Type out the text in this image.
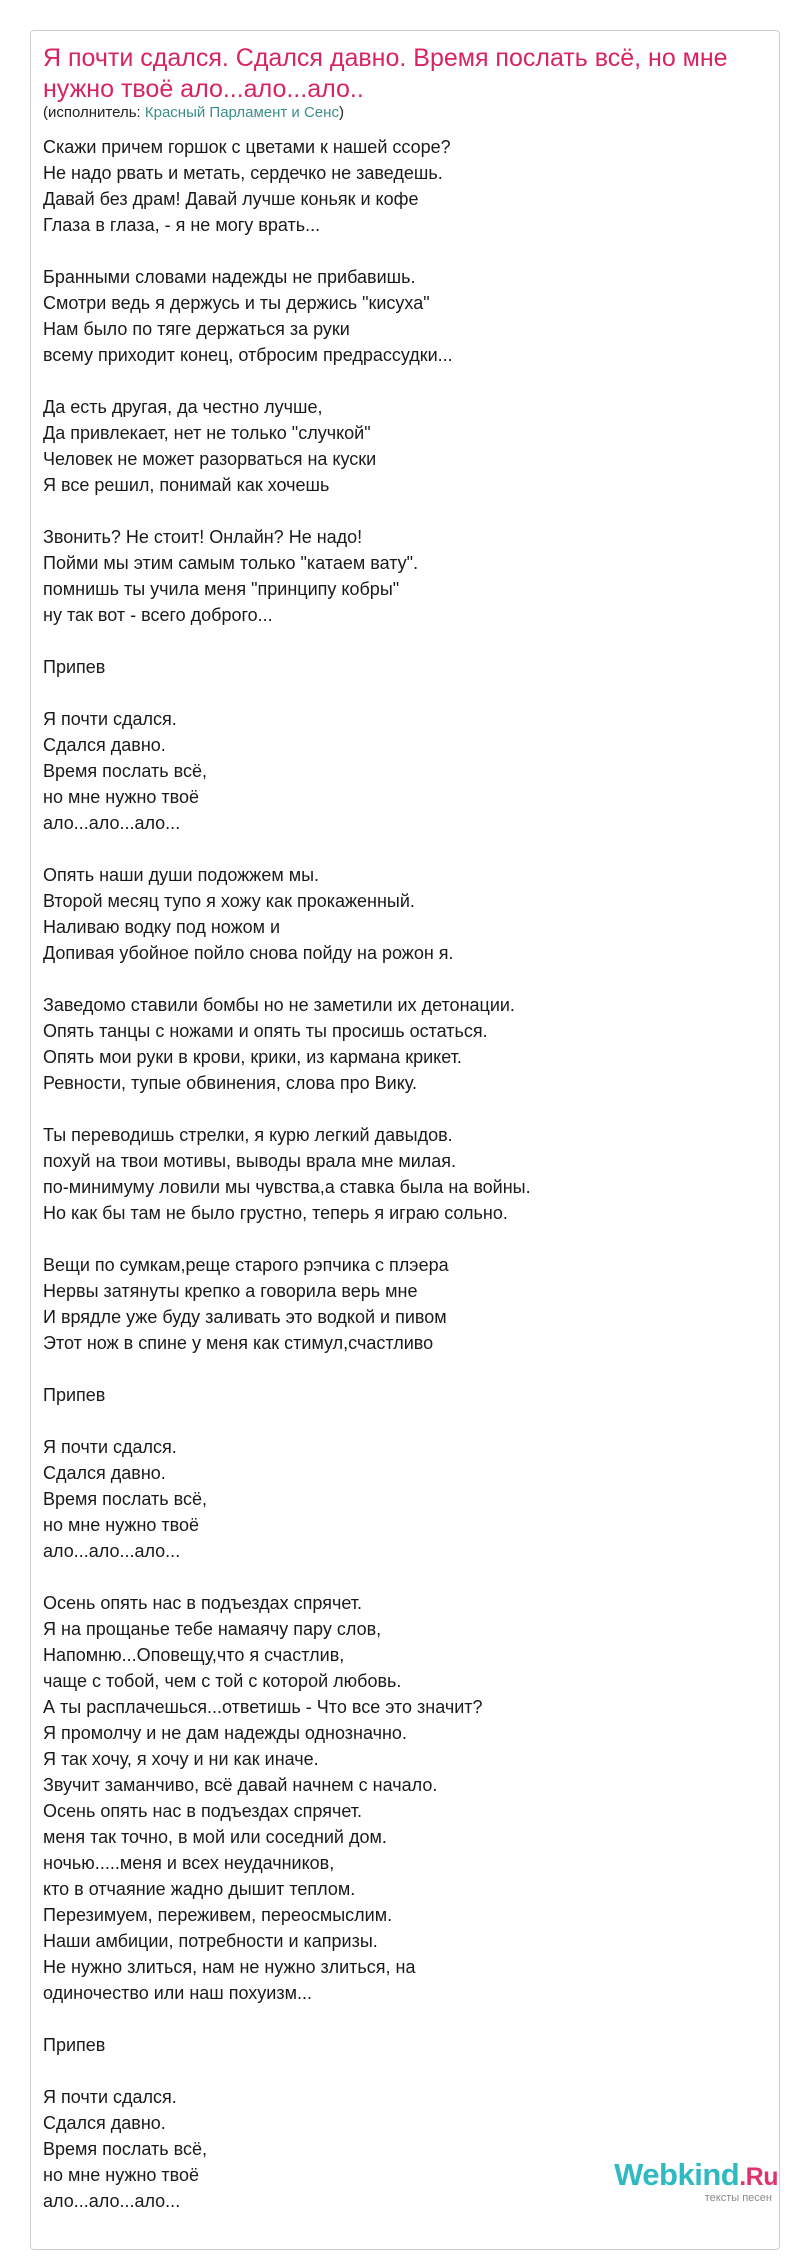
Я почти сдался. Сдался давно. Время послать всё, но мне нужно твоё ало...ало...ало..
(исполнитель: Красный Парламент и Сенс)
Скажи причем горшок с цветами к нашей ссоре?
Не надо рвать и метать, сердечко не заведешь.
Давай без драм! Давай лучше коньяк и кофе
Глаза в глаза, - я не могу врать...
Бранными словами надежды не прибавишь.
Смотри ведь я держусь и ты держись "кисуха"
Нам было по тяге держаться за руки
всему приходит конец, отбросим предрассудки...
Да есть другая, да честно лучше,
Да привлекает, нет не только "случкой"
Человек не может разорваться на куски
Я все решил, понимай как хочешь
Звонить? Не стоит! Онлайн? Не надо!
Пойми мы этим самым только "катаем вату".
помнишь ты учила меня "принципу кобры"
ну так вот - всего доброго...
Припев
Я почти сдался.
Сдался давно.
Время послать всё,
но мне нужно твоё
ало...ало...ало...
Опять наши души подожжем мы.
Второй месяц тупо я хожу как прокаженный.
Наливаю водку под ножом и
Допивая убойное пойло снова пойду на рожон я.
Заведомо ставили бомбы но не заметили их детонации.
Опять танцы с ножами и опять ты просишь остаться.
Опять мои руки в крови, крики, из кармана крикет.
Ревности, тупые обвинения, слова про Вику.
Ты переводишь стрелки, я курю легкий давыдов.
похуй на твои мотивы, выводы врала мне милая.
по-минимуму ловили мы чувства,а ставка была на войны.
Но как бы там не было грустно, теперь я играю сольно.
Вещи по сумкам,реще старого рэпчика с плэера
Нервы затянуты крепко а говорила верь мне
И врядле уже буду заливать это водкой и пивом
Этот нож в спине у меня как стимул,счастливо
Припев
Я почти сдался.
Сдался давно.
Время послать всё,
но мне нужно твоё
ало...ало...ало...
Осень опять нас в подъездах спрячет.
Я на прощанье тебе намаячу пару слов,
Напомню...Оповещу,что я счастлив,
чаще с тобой, чем с той с которой любовь.
А ты расплачешься...ответишь - Что все это значит?
Я промолчу и не дам надежды однозначно.
Я так хочу, я хочу и ни как иначе.
Звучит заманчиво, всё давай начнем с начало.
Осень опять нас в подъездах спрячет.
меня так точно, в мой или соседний дом.
ночью.....меня и всех неудачников,
кто в отчаяние жадно дышит теплом.
Перезимуем, переживем, переосмыслим.
Наши амбиции, потребности и капризы.
Не нужно злиться, нам не нужно злиться, на
одиночество или наш похуизм...
Припев
Я почти сдался.
Сдался давно.
Время послать всё,
но мне нужно твоё
ало...ало...ало...
Webkind.Ru
тексты песен
